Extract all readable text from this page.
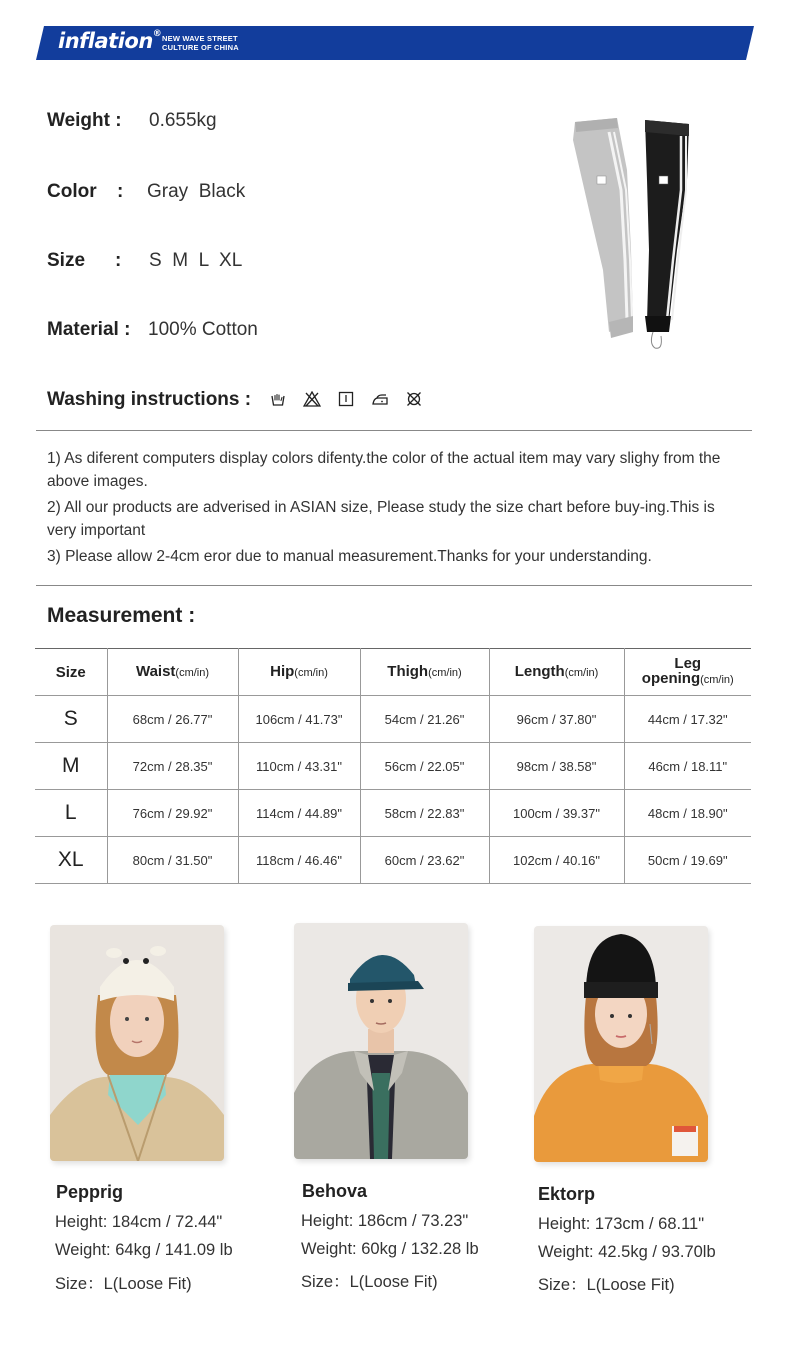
inflation® NEW WAVE STREET
CULTURE OF CHINA
Weight : 0.655kg
Color : Gray  Black
Size : S  M  L  XL
Material : 100% Cotton
Washing instructions :

1) As diferent computers display colors difenty.the color of the actual item may vary slighy from the above images.

2) All our products are adverised in ASIAN size, Please study the size chart before buy-ing.This is very important

3) Please allow 2-4cm eror due to manual measurement.Thanks for your understanding.

Measurement :
Size	Waist(cm/in)	Hip(cm/in)	Thigh(cm/in)	Length(cm/in)	Leg
opening(cm/in)
S	68cm / 26.77"	106cm / 41.73"	54cm / 21.26"	96cm / 37.80"	44cm / 17.32"
M	72cm / 28.35"	110cm / 43.31"	56cm / 22.05"	98cm / 38.58"	46cm / 18.11"
L	76cm / 29.92"	114cm / 44.89"	58cm / 22.83"	100cm / 39.37"	48cm / 18.90"
XL	80cm / 31.50"	118cm / 46.46"	60cm / 23.62"	102cm / 40.16"	50cm / 19.69"
Pepprig
Height: 184cm / 72.44"
Weight: 64kg / 141.09 lb
Size：L(Loose Fit)
Behova
Height: 186cm / 73.23"
Weight: 60kg / 132.28 lb
Size：L(Loose Fit)
Ektorp
Height: 173cm / 68.11"
Weight: 42.5kg / 93.70lb
Size：L(Loose Fit)
